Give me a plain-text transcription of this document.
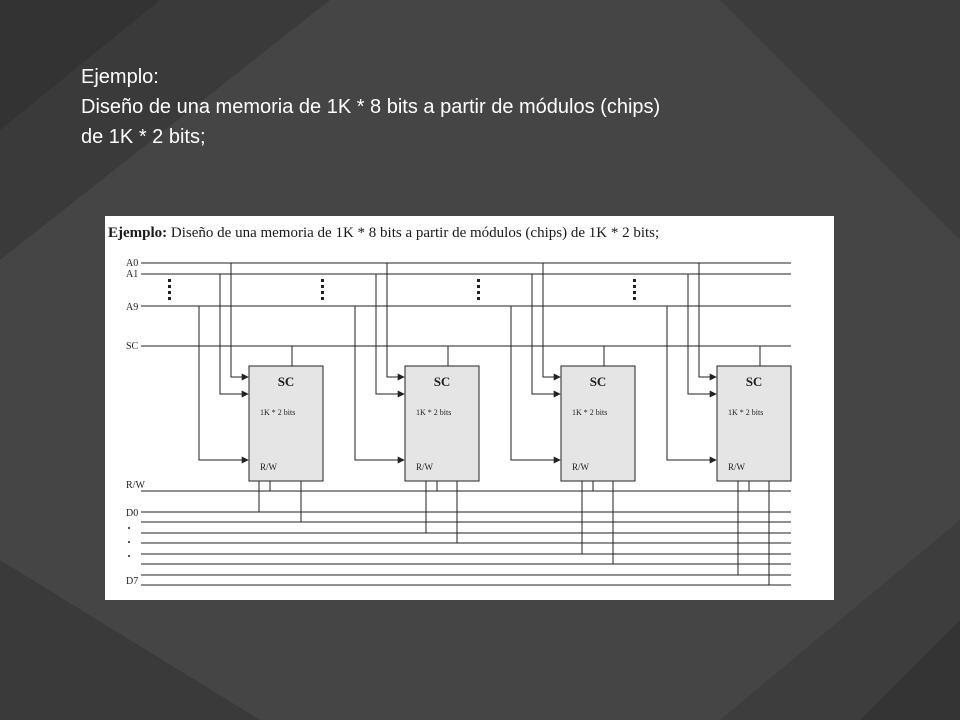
Ejemplo:
Diseño de una memoria de 1K * 8 bits a partir de módulos (chips)
de 1K * 2 bits;
Ejemplo: Diseño de una memoria de 1K * 8 bits a partir de módulos (chips) de 1K * 2 bits;
A0
A1
A9
SC
R/W
D0
D7
SC
1K * 2 bits
R/W
SC
1K * 2 bits
R/W
SC
1K * 2 bits
R/W
SC
1K * 2 bits
R/W
